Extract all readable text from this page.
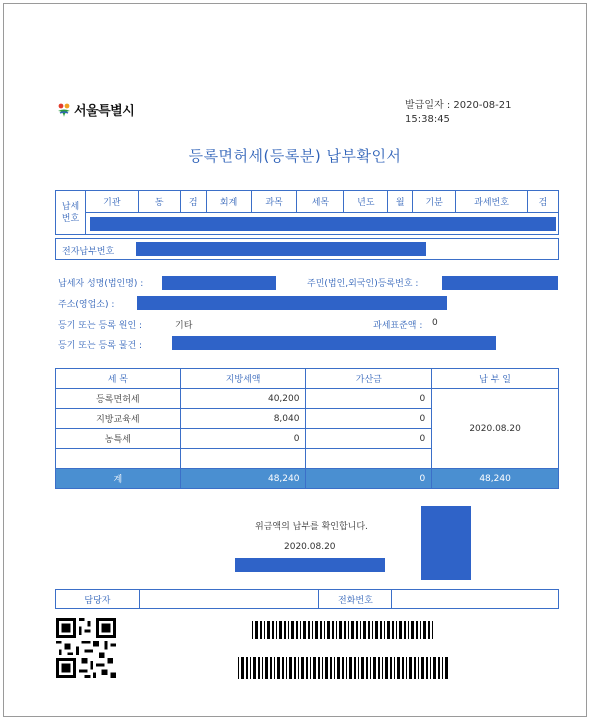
서울특별시	발급일자 : 2020-08-21
15:38:45
등록면허세(등록분) 납부확인서
납세
번호
	기관	동	검	회계	과목	세목	년도	월	기분	과세번호	검

전자납부번호
납세자 성명(법인명) :	주민(법인,외국인)등록번호 :
주소(영업소) :
등기 또는 등록 원인 :	기타	과세표준액 : 0
등기 또는 등록 물건 :
세 목	지방세액	가산금	납 부 일
등록면허세	40,200	0	2020.08.20
지방교육세	8,040	0	
농특세	0	0	

계	48,240	0	48,240
위금액의 납부를 확인합니다.
2020.08.20
담당자		전화번호	
